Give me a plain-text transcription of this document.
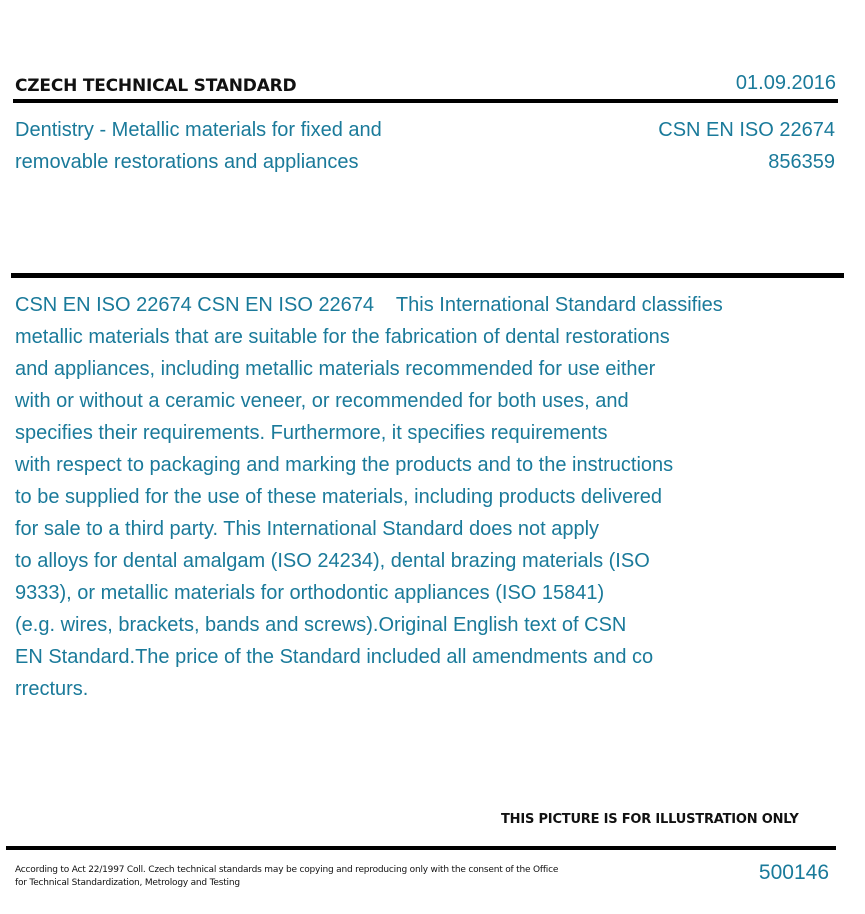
CZECH TECHNICAL STANDARD	01.09.2016
Dentistry - Metallic materials for fixed and
removable restorations and appliances
CSN EN ISO 22674
856359
CSN EN ISO 22674 CSN EN ISO 22674    This International Standard classifies
metallic materials that are suitable for the fabrication of dental restorations
and appliances, including metallic materials recommended for use either
with or without a ceramic veneer, or recommended for both uses, and
specifies their requirements. Furthermore, it specifies requirements
with respect to packaging and marking the products and to the instructions
to be supplied for the use of these materials, including products delivered
for sale to a third party. This International Standard does not apply
to alloys for dental amalgam (ISO 24234), dental brazing materials (ISO
9333), or metallic materials for orthodontic appliances (ISO 15841)
(e.g. wires, brackets, bands and screws).Original English text of CSN
EN Standard.The price of the Standard included all amendments and co
rrecturs.
THIS PICTURE IS FOR ILLUSTRATION ONLY
According to Act 22/1997 Coll. Czech technical standards may be copying and reproducing only with the consent of the Office
for Technical Standardization, Metrology and Testing	500146
